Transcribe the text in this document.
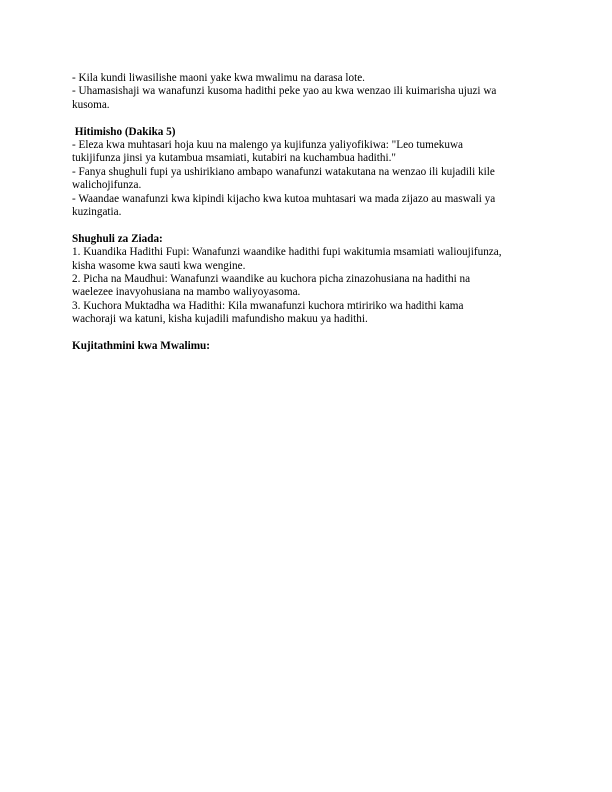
- Kila kundi liwasilishe maoni yake kwa mwalimu na darasa lote.
- Uhamasishaji wa wanafunzi kusoma hadithi peke yao au kwa wenzao ili kuimarisha ujuzi wa
kusoma.
Hitimisho (Dakika 5)
- Eleza kwa muhtasari hoja kuu na malengo ya kujifunza yaliyofikiwa: "Leo tumekuwa
tukijifunza jinsi ya kutambua msamiati, kutabiri na kuchambua hadithi."
- Fanya shughuli fupi ya ushirikiano ambapo wanafunzi watakutana na wenzao ili kujadili kile
walichojifunza.
- Waandae wanafunzi kwa kipindi kijacho kwa kutoa muhtasari wa mada zijazo au maswali ya
kuzingatia.
Shughuli za Ziada:
1. Kuandika Hadithi Fupi: Wanafunzi waandike hadithi fupi wakitumia msamiati walioujifunza,
kisha wasome kwa sauti kwa wengine.
2. Picha na Maudhui: Wanafunzi waandike au kuchora picha zinazohusiana na hadithi na
waelezee inavyohusiana na mambo waliyoyasoma.
3. Kuchora Muktadha wa Hadithi: Kila mwanafunzi kuchora mtiririko wa hadithi kama
wachoraji wa katuni, kisha kujadili mafundisho makuu ya hadithi.
Kujitathmini kwa Mwalimu:
